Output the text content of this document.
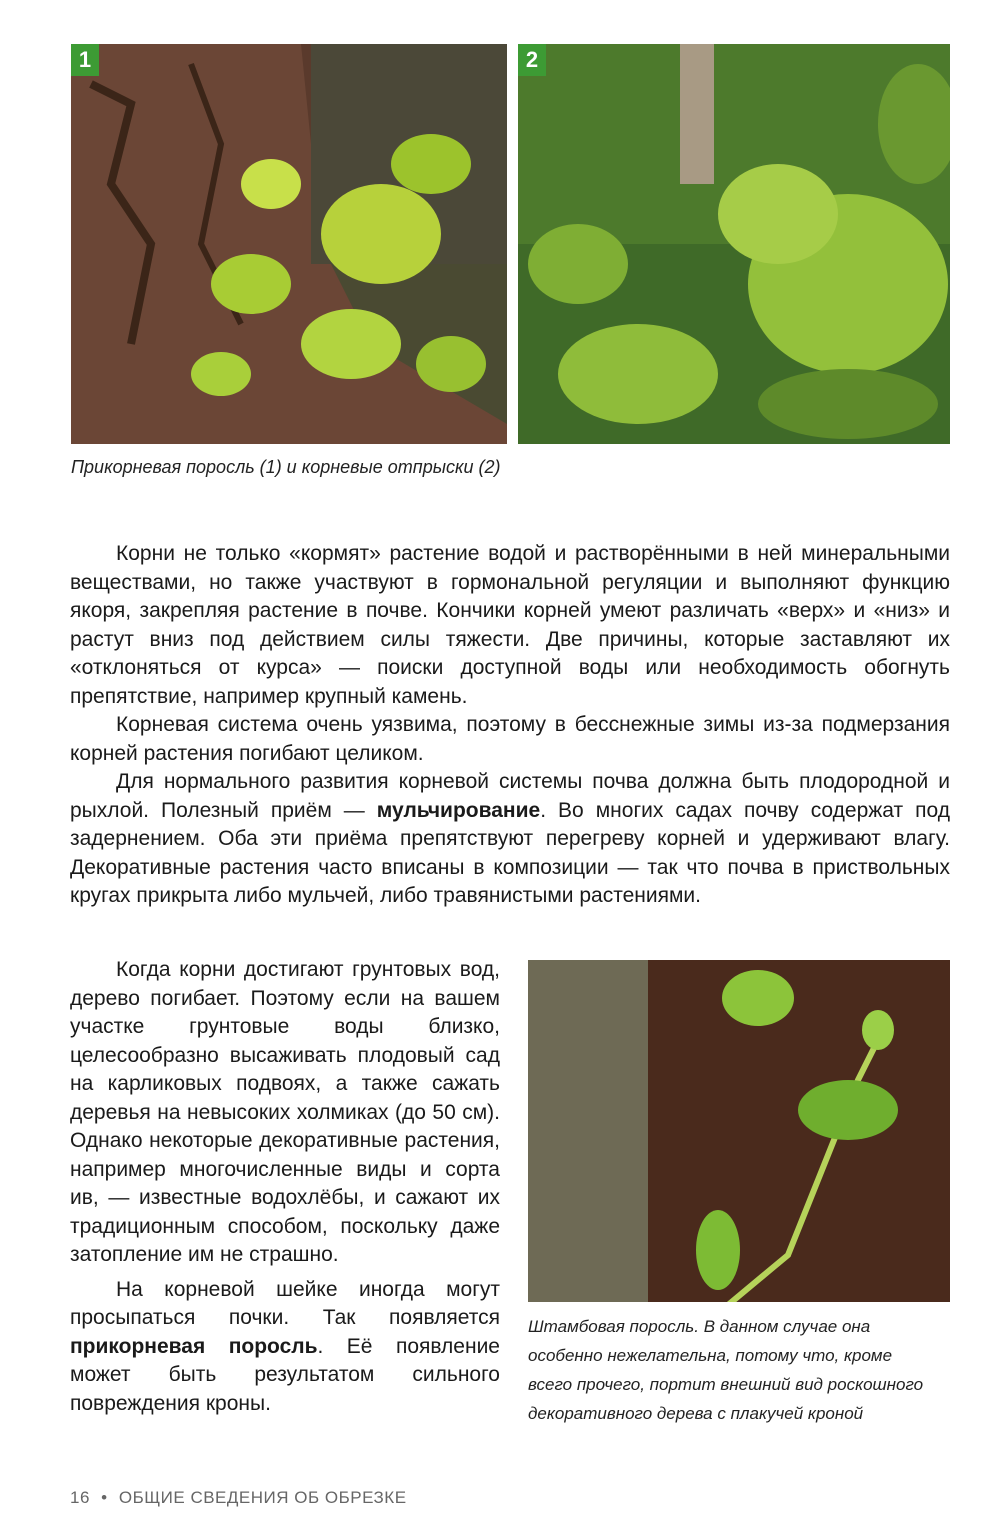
1	2
Прикорневая поросль (1) и корневые отпрыски (2)

Корни не только «кормят» растение водой и растворёнными в ней минеральными веществами, но также участвуют в гормональной регуляции и выполняют функцию якоря, закрепляя растение в почве. Кончики корней умеют различать «верх» и «низ» и растут вниз под действием силы тяжести. Две причины, которые заставляют их «отклоняться от курса» — поиски доступной воды или необходимость обогнуть препятствие, например крупный камень.

Корневая система очень уязвима, поэтому в бесснежные зимы из-за подмерзания корней растения погибают целиком.

Для нормального развития корневой системы почва должна быть плодородной и рыхлой. Полезный приём — мульчирование. Во многих садах почву содержат под задернением. Оба эти приёма препятствуют перегреву корней и удерживают влагу. Декоративные растения часто вписаны в композиции — так что почва в приствольных кругах прикрыта либо мульчей, либо травянистыми растениями.

Когда корни достигают грунтовых вод, дерево погибает. Поэтому если на вашем участке грунтовые воды близко, целесообразно высаживать плодовый сад на карликовых подвоях, а также сажать деревья на невысоких холмиках (до 50 см). Однако некоторые декоративные растения, например многочисленные виды и сорта ив, — известные водохлёбы, и сажают их традиционным способом, поскольку даже затопление им не страшно.

На корневой шейке иногда могут просыпаться почки. Так появляется прикорневая поросль. Её появление может быть результатом сильного повреждения кроны.

Штамбовая поросль. В данном случае она особенно нежелательна, потому что, кроме всего прочего, портит внешний вид роскошного декоративного дерева с плакучей кроной
16 • ОБЩИЕ СВЕДЕНИЯ ОБ ОБРЕЗКЕ
